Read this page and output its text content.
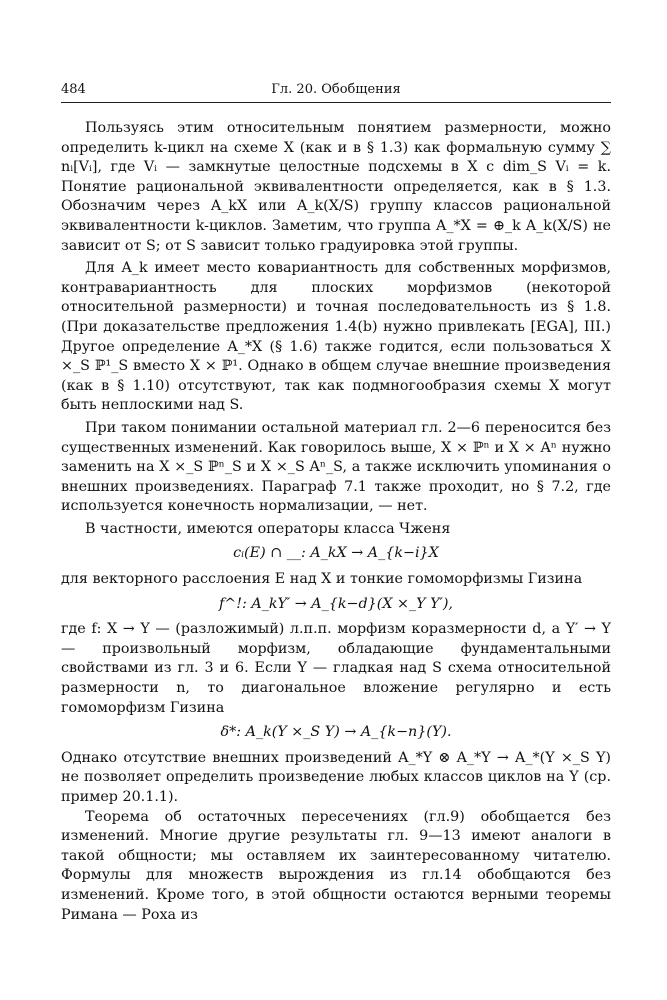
484	Гл. 20. Обобщения

Пользуясь этим относительным понятием размерности, можно определить k-цикл на схеме X (как и в § 1.3) как формальную сумму ∑ nᵢ[Vᵢ], где Vᵢ — замкнутые целостные подсхемы в X с dim_S Vᵢ = k. Понятие рациональной эквивалентности определяется, как в § 1.3. Обозначим через A_kX или A_k(X/S) группу классов рациональной эквивалентности k-циклов. Заметим, что группа A_*X = ⊕_k A_k(X/S) не зависит от S; от S зависит только градуировка этой группы.

Для A_k имеет место ковариантность для собственных морфизмов, контравариантность для плоских морфизмов (некоторой относительной размерности) и точная последовательность из § 1.8. (При доказательстве предложения 1.4(b) нужно привлекать [EGA], III.) Другое определение A_*X (§ 1.6) также годится, если пользоваться X ×_S ℙ¹_S вместо X × ℙ¹. Однако в общем случае внешние произведения (как в § 1.10) отсутствуют, так как подмногообразия схемы X могут быть неплоскими над S.

При таком понимании остальной материал гл. 2—6 переносится без существенных изменений. Как говорилось выше, X × ℙⁿ и X × Aⁿ нужно заменить на X ×_S ℙⁿ_S и X ×_S Aⁿ_S, а также исключить упоминания о внешних произведениях. Параграф 7.1 также проходит, но § 7.2, где используется конечность нормализации, — нет.

В частности, имеются операторы класса Чженя

cᵢ(E) ∩ __: A_kX → A_{k−i}X

для векторного расслоения E над X и тонкие гомоморфизмы Гизина

f^!: A_kY′ → A_{k−d}(X ×_Y Y′),

где f: X → Y — (разложимый) л.п.п. морфизм коразмерности d, а Y′ → Y — произвольный морфизм, обладающие фундаментальными свойствами из гл. 3 и 6. Если Y — гладкая над S схема относительной размерности n, то диагональное вложение регулярно и есть гомоморфизм Гизина

δ*: A_k(Y ×_S Y) → A_{k−n}(Y).

Однако отсутствие внешних произведений A_*Y ⊗ A_*Y → A_*(Y ×_S Y) не позволяет определить произведение любых классов циклов на Y (ср. пример 20.1.1).

Теорема об остаточных пересечениях (гл.9) обобщается без изменений. Многие другие результаты гл. 9—13 имеют аналоги в такой общности; мы оставляем их заинтересованному читателю. Формулы для множеств вырождения из гл.14 обобщаются без изменений. Кроме того, в этой общности остаются верными теоремы Римана — Роха из
